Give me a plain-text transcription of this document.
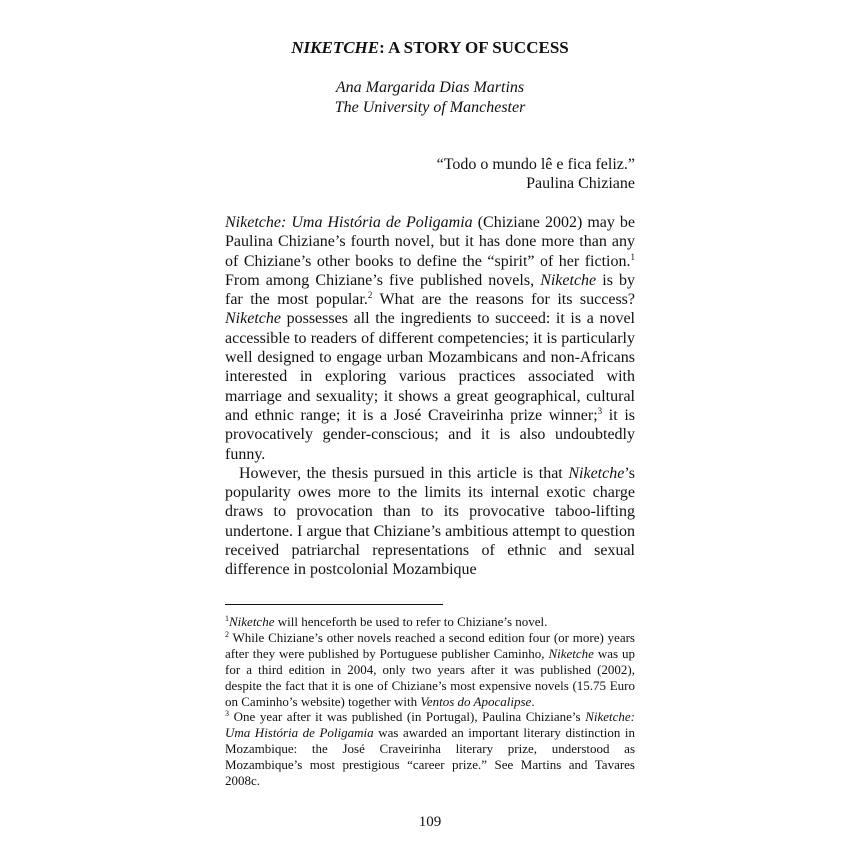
NIKETCHE: A STORY OF SUCCESS
Ana Margarida Dias Martins
The University of Manchester
“Todo o mundo lê e fica feliz.”
Paulina Chiziane

Niketche: Uma História de Poligamia (Chiziane 2002) may be Paulina Chiziane’s fourth novel, but it has done more than any of Chiziane’s other books to define the “spirit” of her fiction.$^1$ From among Chiziane’s five published novels, Niketche is by far the most popular.$^2$ What are the reasons for its success? Niketche possesses all the ingredients to succeed: it is a novel accessible to readers of different competencies; it is particularly well designed to engage urban Mozambicans and non-Africans interested in exploring various practices associated with marriage and sexuality; it shows a great geographical, cultural and ethnic range; it is a José Craveirinha prize winner;$^3$ it is provocatively gender-conscious; and it is also undoubtedly funny.

However, the thesis pursued in this article is that Niketche’s popularity owes more to the limits its internal exotic charge draws to provocation than to its provocative taboo-lifting undertone. I argue that Chiziane’s ambitious attempt to question received patriarchal representations of ethnic and sexual difference in postcolonial Mozambique

$^1$Niketche will henceforth be used to refer to Chiziane’s novel.

$^2$ While Chiziane’s other novels reached a second edition four (or more) years after they were published by Portuguese publisher Caminho, Niketche was up for a third edition in 2004, only two years after it was published (2002), despite the fact that it is one of Chiziane’s most expensive novels (15.75 Euro on Caminho’s website) together with Ventos do Apocalipse.

$^3$ One year after it was published (in Portugal), Paulina Chiziane’s Niketche: Uma História de Poligamia was awarded an important literary distinction in Mozambique: the José Craveirinha literary prize, understood as Mozambique’s most prestigious “career prize.” See Martins and Tavares 2008c.

109
